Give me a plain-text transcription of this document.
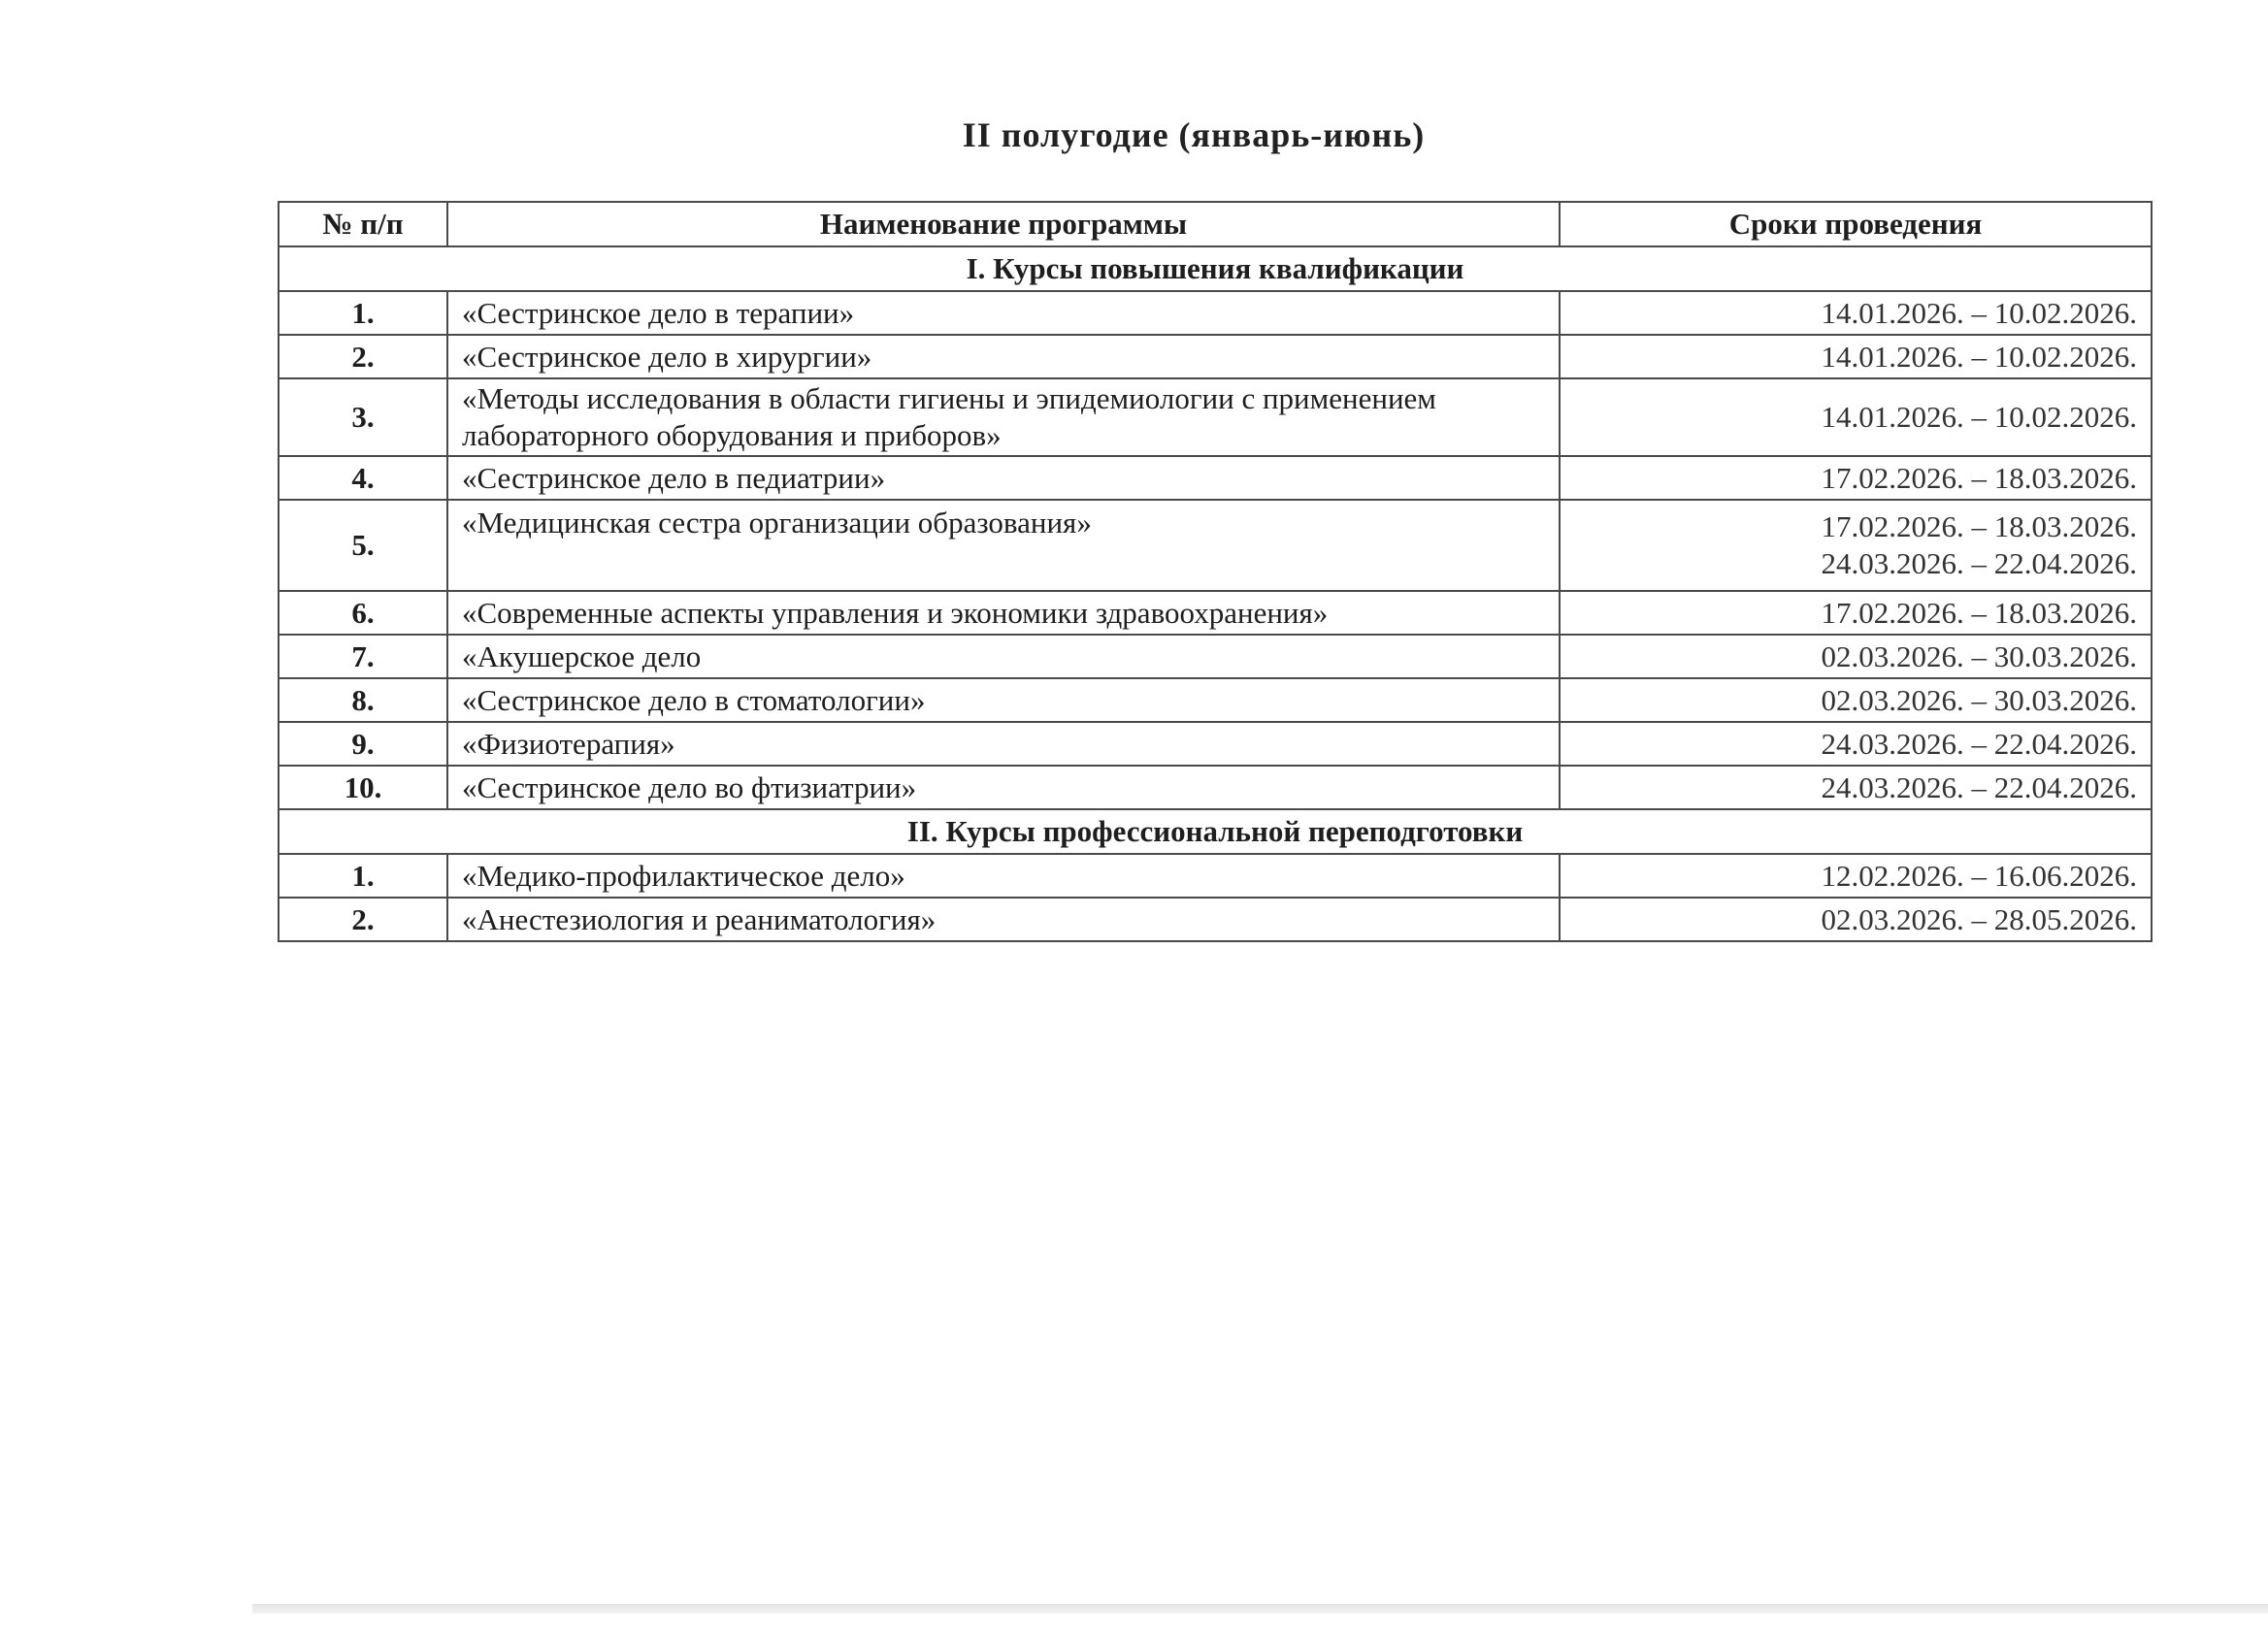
II полугодие (январь-июнь)
№ п/п	Наименование программы	Сроки проведения
I. Курсы повышения квалификации		
1.	«Сестринское дело в терапии»	14.01.2026. – 10.02.2026.

2.	«Сестринское дело в хирургии»	14.01.2026. – 10.02.2026.

3.	«Методы исследования в области гигиены и эпидемиологии с применением лабораторного оборудования и приборов»	14.01.2026. – 10.02.2026.

4.	«Сестринское дело в педиатрии»	17.02.2026. – 18.03.2026.

5.	«Медицинская сестра организации образования»	17.02.2026. – 18.03.2026.
24.03.2026. – 22.04.2026.

6.	«Современные аспекты управления и экономики здравоохранения»	17.02.2026. – 18.03.2026.

7.	«Акушерское дело	02.03.2026. – 30.03.2026.

8.	«Сестринское дело в стоматологии»	02.03.2026. – 30.03.2026.

9.	«Физиотерапия»	24.03.2026. – 22.04.2026.

10.	«Сестринское дело во фтизиатрии»	24.03.2026. – 22.04.2026.

II. Курсы профессиональной переподготовки		
1.	«Медико-профилактическое дело»	12.02.2026. – 16.06.2026.

2.	«Анестезиология и реаниматология»	02.03.2026. – 28.05.2026.
